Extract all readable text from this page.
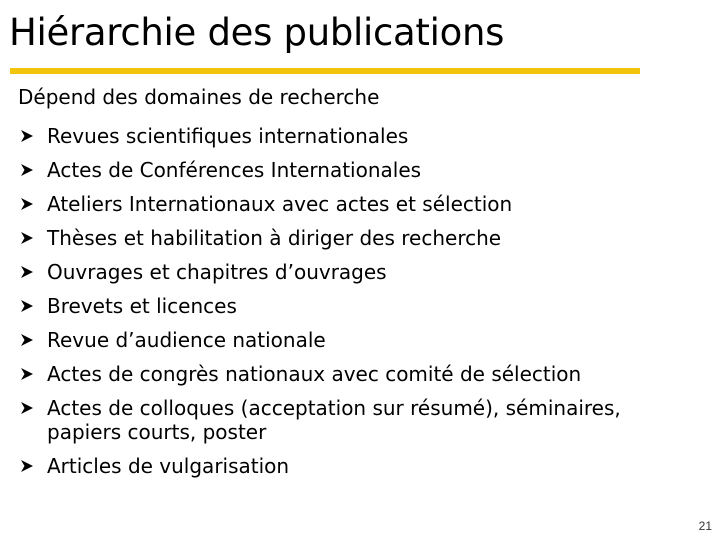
Hiérarchie des publications
Dépend des domaines de recherche
Revues scientifiques internationales
Actes de Conférences Internationales
Ateliers Internationaux avec actes et sélection
Thèses et habilitation à diriger des recherche
Ouvrages et chapitres d’ouvrages
Brevets et licences
Revue d’audience nationale
Actes de congrès nationaux avec comité de sélection
Actes de colloques (acceptation sur résumé), séminaires, papiers courts, poster
Articles de vulgarisation
21
